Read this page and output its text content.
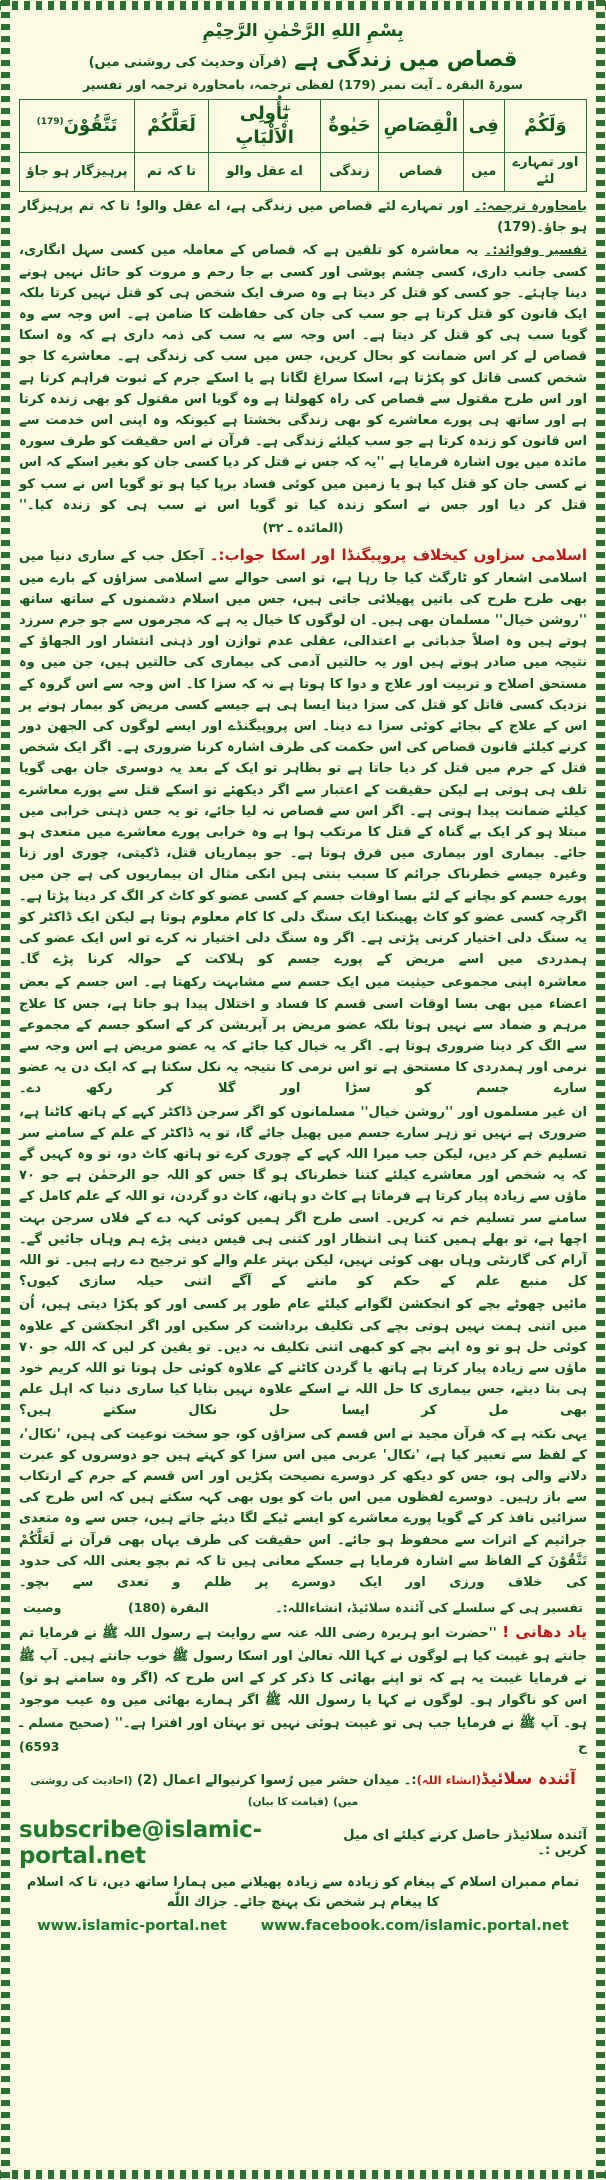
بِسْمِ اللهِ الرَّحْمٰنِ الرَّحِيْمِ
قصاص میں زندگی ہے (قرآن وحدیث کی روشنی میں)
سورۃ البقرہ ـ آیت نمبر (179) لفظی ترجمہ، بامحاورہ ترجمہ اور تفسیر
وَلَكُمْ	فِى	الْقِصَاصِ	حَيٰوةٌ	يٰٓأُولِى الْاَلْبَابِ	لَعَلَّكُمْ	تَتَّقُوْنَ$^{(179)}$
اور تمہارے لئے	میں	قصاص	زندگی	اے عقل والو	تا کہ تم	پرہیزگار ہو جاؤ
بامحاورہ ترجمہ:۔ اور تمہارے لئے قصاص میں زندگی ہے، اے عقل والو! تا کہ تم پرہیزگار ہو جاؤ۔(179)
تفسیر وفوائد:۔ یہ معاشرہ کو تلقین ہے کہ قصاص کے معاملہ میں کسی سہل انگاری، کسی جانب داری، کسی چشم پوشی اور کسی بے جا رحم و مروت کو حائل نہیں ہونے دینا چاہئے۔ جو کسی کو قتل کر دیتا ہے وہ صرف ایک شخص ہی کو قتل نہیں کرتا بلکہ ایک قانون کو قتل کرتا ہے جو سب کی جان کی حفاظت کا ضامن ہے۔ اس وجہ سے وہ گویا سب ہی کو قتل کر دیتا ہے۔ اس وجہ سے یہ سب کی ذمہ داری ہے کہ وہ اسکا قصاص لے کر اس ضمانت کو بحال کریں، جس میں سب کی زندگی ہے۔ معاشرے کا جو شخص کسی قاتل کو پکڑتا ہے، اسکا سراغ لگاتا ہے یا اسکے جرم کے ثبوت فراہم کرتا ہے اور اس طرح مقتول سے قصاص کی راہ کھولتا ہے وہ گویا اس مقتول کو بھی زندہ کرتا ہے اور ساتھ ہی پورے معاشرے کو بھی زندگی بخشتا ہے کیونکہ وہ اپنی اس خدمت سے اس قانون کو زندہ کرتا ہے جو سب کیلئے زندگی ہے۔ قرآن نے اس حقیقت کو طرف سورہ مائدہ میں یوں اشارہ فرمایا ہے ''یہ کہ جس نے قتل کر دیا کسی جان کو بغیر اسکے کہ اس نے کسی جان کو قتل کیا ہو یا زمین میں کوئی فساد برپا کیا ہو تو گویا اس نے سب کو قتل کر دیا اور جس نے اسکو زندہ کیا تو گویا اس نے سب ہی کو زندہ کیا۔''
(المائدہ ـ ۳۲)
اسلامی سزاوں کیخلاف پروپیگنڈا اور اسکا جواب:۔ آجکل جب کے ساری دنیا میں اسلامی اشعار کو ٹارگٹ کیا جا رہا ہے، تو اسی حوالے سے اسلامی سزاؤں کے بارے میں بھی طرح طرح کی باتیں پھیلائی جاتی ہیں، جس میں اسلام دشمنوں کے ساتھ ساتھ ''روشن خیال'' مسلمان بھی ہیں۔ ان لوگوں کا خیال یہ ہے کہ مجرموں سے جو جرم سرزد ہوتے ہیں وہ اصلاً جذباتی بے اعتدالی، عقلی عدم توازن اور ذہنی انتشار اور الجھاؤ کے نتیجہ میں صادر ہوتے ہیں اور یہ حالتیں آدمی کی بیماری کی حالتیں ہیں، جن میں وہ مستحق اصلاح و تربیت اور علاج و دوا کا ہوتا ہے نہ کہ سزا کا۔ اس وجہ سے اس گروہ کے نزدیک کسی قاتل کو قتل کی سزا دینا ایسا ہی ہے جیسے کسی مریض کو بیمار ہونے پر اس کے علاج کے بجائے کوئی سزا دے دینا۔ اس پروپیگنڈے اور ایسے لوگوں کی الجھن دور کرنے کیلئے قانون قصاص کی اس حکمت کی طرف اشارہ کرنا ضروری ہے۔ اگر ایک شخص قتل کے جرم میں قتل کر دیا جاتا ہے تو بظاہر تو ایک کے بعد یہ دوسری جان بھی گویا تلف ہی ہوتی ہے لیکن حقیقت کے اعتبار سے اگر دیکھئے تو اسکے قتل سے پورے معاشرے کیلئے ضمانت پیدا ہوتی ہے۔ اگر اس سے قصاص نہ لیا جائے، تو یہ جس ذہنی خرابی میں مبتلا ہو کر ایک بے گناہ کے قتل کا مرتکب ہوا ہے وہ خرابی پورے معاشرے میں متعدی ہو جائے۔ بیماری اور بیماری میں فرق ہوتا ہے۔ جو بیماریاں قتل، ڈکیتی، چوری اور زنا وغیرہ جیسے خطرناک جرائم کا سبب بنتی ہیں انکی مثال ان بیماریوں کی ہے جن میں پورے جسم کو بچانے کے لئے بسا اوقات جسم کے کسی عضو کو کاٹ کر الگ کر دینا پڑتا ہے۔ اگرچہ کسی عضو کو کاٹ پھینکنا ایک سنگ دلی کا کام معلوم ہوتا ہے لیکن ایک ڈاکٹر کو یہ سنگ دلی اختیار کرنی پڑتی ہے۔ اگر وہ سنگ دلی اختیار نہ کرے تو اس ایک عضو کی ہمدردی میں اسے مریض کے پورے جسم کو ہلاکت کے حوالہ کرنا پڑے گا۔
معاشرہ اپنی مجموعی حیثیت میں ایک جسم سے مشابہت رکھتا ہے۔ اس جسم کے بعض اعضاء میں بھی بسا اوقات اسی قسم کا فساد و اختلال پیدا ہو جاتا ہے، جس کا علاج مرہم و ضماد سے نہیں ہوتا بلکہ عضو مریض پر آپریشن کر کے اسکو جسم کے مجموعے سے الگ کر دینا ضروری ہوتا ہے۔ اگر یہ خیال کیا جائے کہ یہ عضو مریض ہے اس وجہ سے نرمی اور ہمدردی کا مستحق ہے تو اس نرمی کا نتیجہ یہ نکل سکتا ہے کہ ایک دن یہ عضو سارے جسم کو سڑا اور گلا کر رکھ دے۔
ان غیر مسلموں اور ''روشن خیال'' مسلمانوں کو اگر سرجن ڈاکٹر کہے کے ہاتھ کاٹنا ہے، ضروری ہے نہیں تو زہر سارے جسم میں پھیل جائے گا، تو یہ ڈاکٹر کے علم کے سامنے سر تسلیم خم کر دیں، لیکن جب میرا اللہ کہے کے چوری کرے تو ہاتھ کاٹ دو، تو وہ کہیں گے کہ یہ شخص اور معاشرے کیلئے کتنا خطرناک ہو گا جس کو اللہ جو الرحمٰن ہے جو ۷۰ ماؤں سے زیادہ پیار کرتا ہے فرماتا ہے کاٹ دو ہاتھ، کاٹ دو گردن، تو اللہ کے علم کامل کے سامنے سر تسلیم خم نہ کریں۔ اسی طرح اگر ہمیں کوئی کہہ دے کے فلاں سرجن بہت اچھا ہے، تو بھلے ہمیں کتنا ہی انتظار اور کتنی ہی فیس دینی پڑے ہم وہاں جائیں گے۔ آرام کی گارنٹی وہاں بھی کوئی نہیں، لیکن بہتر علم والے کو ترجیح دے رہے ہیں۔ تو اللہ کل منبع علم کے حکم کو ماننے کے آگے اتنی حیلہ سازی کیوں؟
مائیں چھوٹے بچے کو انجکشن لگوانے کیلئے عام طور پر کسی اور کو پکڑا دیتی ہیں، اُن میں اتنی ہمت نہیں ہوتی بچے کی تکلیف برداشت کر سکیں اور اگر انجکشن کے علاوہ کوئی حل ہو تو وہ اپنے بچے کو کبھی اتنی تکلیف نہ دیں۔ تو یقین کر لیں کہ اللہ جو ۷۰ ماؤں سے زیادہ پیار کرتا ہے ہاتھ یا گردن کاٹنے کے علاوہ کوئی حل ہوتا تو اللہ کریم خود ہی بتا دیتے، جس بیماری کا حل اللہ نے اسکے علاوہ نہیں بتایا کیا ساری دنیا کہ اہل علم بھی مل کر ایسا حل نکال سکتے ہیں؟
یہی نکتہ ہے کہ قرآن مجید نے اس قسم کی سزاؤں کو، جو سخت نوعیت کی ہیں، 'نکال'، کے لفظ سے تعبیر کیا ہے، 'نکال' عربی میں اس سزا کو کہتے ہیں جو دوسروں کو عبرت دلانے والی ہو، جس کو دیکھ کر دوسرے نصیحت پکڑیں اور اس قسم کے جرم کے ارتکاب سے باز رہیں۔ دوسرے لفظوں میں اس بات کو یوں بھی کہہ سکتے ہیں کہ اس طرح کی سزائیں نافذ کر کے گویا پورے معاشرے کو ایسے ٹیکے لگا دیئے جاتے ہیں، جس سے وہ متعدی جراثیم کے اثرات سے محفوظ ہو جائے۔ اس حقیقت کی طرف یہاں بھی قرآن نے لَعَلَّكُمْ تَتَّقُوْنَ کے الفاظ سے اشارہ فرمایا ہے جسکے معانی ہیں تا کہ تم بچو یعنی اللہ کی حدود کی خلاف ورزی اور ایک دوسرے پر ظلم و تعدی سے بچو۔
تفسیر ہی کے سلسلے کی آئندہ سلائیڈ، انشاءاللہ:۔
البقرة (180)
وصیت
یاد دھانی ! ''حضرت ابو ہریرہ رضی اللہ عنہ سے روایت ہے رسول اللہ ﷺ نے فرمایا تم جانتے ہو غیبت کیا ہے لوگوں نے کہا اللہ تعالیٰ اور اسکا رسول ﷺ خوب جانتے ہیں۔ آپ ﷺ نے فرمایا غیبت یہ ہے کہ تو اپنے بھائی کا ذکر کر کے اس طرح کہ (اگر وہ سامنے ہو تو) اس کو ناگوار ہو۔ لوگوں نے کہا یا رسول اللہ ﷺ اگر ہمارے بھائی میں وہ عیب موجود ہو۔ آپ ﷺ نے فرمایا جب ہی تو غیبت ہوئی نہیں تو بہتان اور افترا ہے۔'' (صحیح مسلم ـ ح 6593)
آئندہ سلائیڈ(انشاء اللہ):۔ میدان حشر میں رُسوا کرنیوالے اعمال (2) (احادیث کی روشنی میں) (قیامت کا بیان)
آئندہ سلائیڈز حاصل کرنے کیلئے ای میل کریں :۔
subscribe@islamic-portal.net
تمام ممبران اسلام کے پیغام کو زیادہ سے زیادہ پھیلانے میں ہمارا ساتھ دیں، تا کہ اسلام کا پیغام ہر شخص تک پہنچ جائے۔ جزاك اللّٰه
www.islamic-portal.net www.facebook.com/islamic.portal.net
